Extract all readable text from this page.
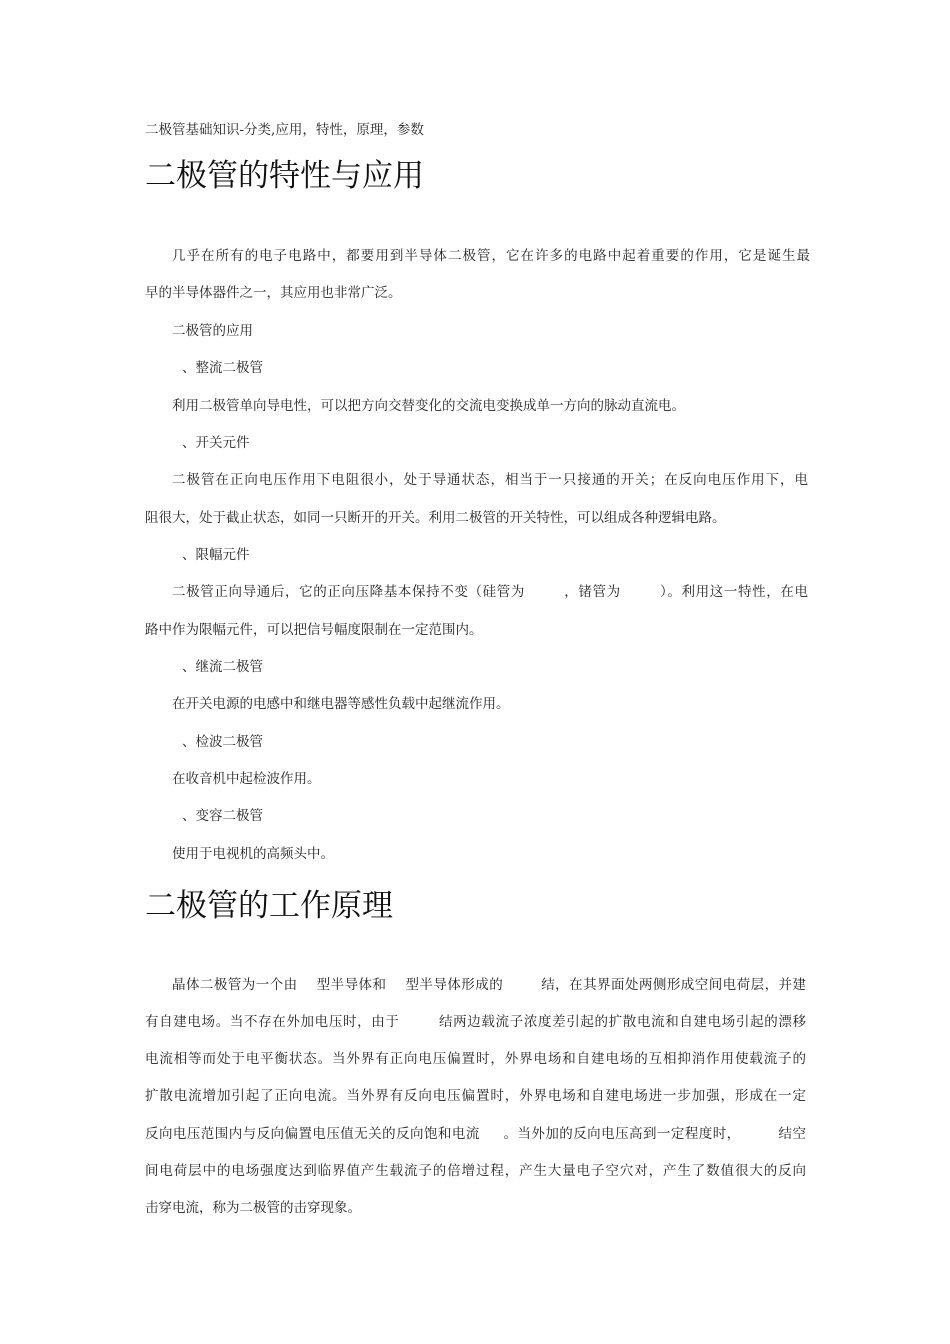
二极管基础知识-分类,应用，特性，原理，参数
二极管的特性与应用
几乎在所有的电子电路中，都要用到半导体二极管，它在许多的电路中起着重要的作用，它是诞生最
早的半导体器件之一，其应用也非常广泛。
二极管的应用
、整流二极管
利用二极管单向导电性，可以把方向交替变化的交流电变换成单一方向的脉动直流电。
、开关元件
二极管在正向电压作用下电阻很小，处于导通状态，相当于一只接通的开关；在反向电压作用下，电
阻很大，处于截止状态，如同一只断开的开关。利用二极管的开关特性，可以组成各种逻辑电路。
、限幅元件
二极管正向导通后，它的正向压降基本保持不变（硅管为        ，锗管为        ）。利用这一特性，在电
路中作为限幅元件，可以把信号幅度限制在一定范围内。
、继流二极管
在开关电源的电感中和继电器等感性负载中起继流作用。
、检波二极管
在收音机中起检波作用。
、变容二极管
使用于电视机的高频头中。
二极管的工作原理
晶体二极管为一个由    型半导体和    型半导体形成的        结，在其界面处两侧形成空间电荷层，并建
有自建电场。当不存在外加电压时，由于        结两边载流子浓度差引起的扩散电流和自建电场引起的漂移
电流相等而处于电平衡状态。当外界有正向电压偏置时，外界电场和自建电场的互相抑消作用使载流子的
扩散电流增加引起了正向电流。当外界有反向电压偏置时，外界电场和自建电场进一步加强，形成在一定
反向电压范围内与反向偏置电压值无关的反向饱和电流     。当外加的反向电压高到一定程度时，        结空
间电荷层中的电场强度达到临界值产生载流子的倍增过程，产生大量电子空穴对，产生了数值很大的反向
击穿电流，称为二极管的击穿现象。
